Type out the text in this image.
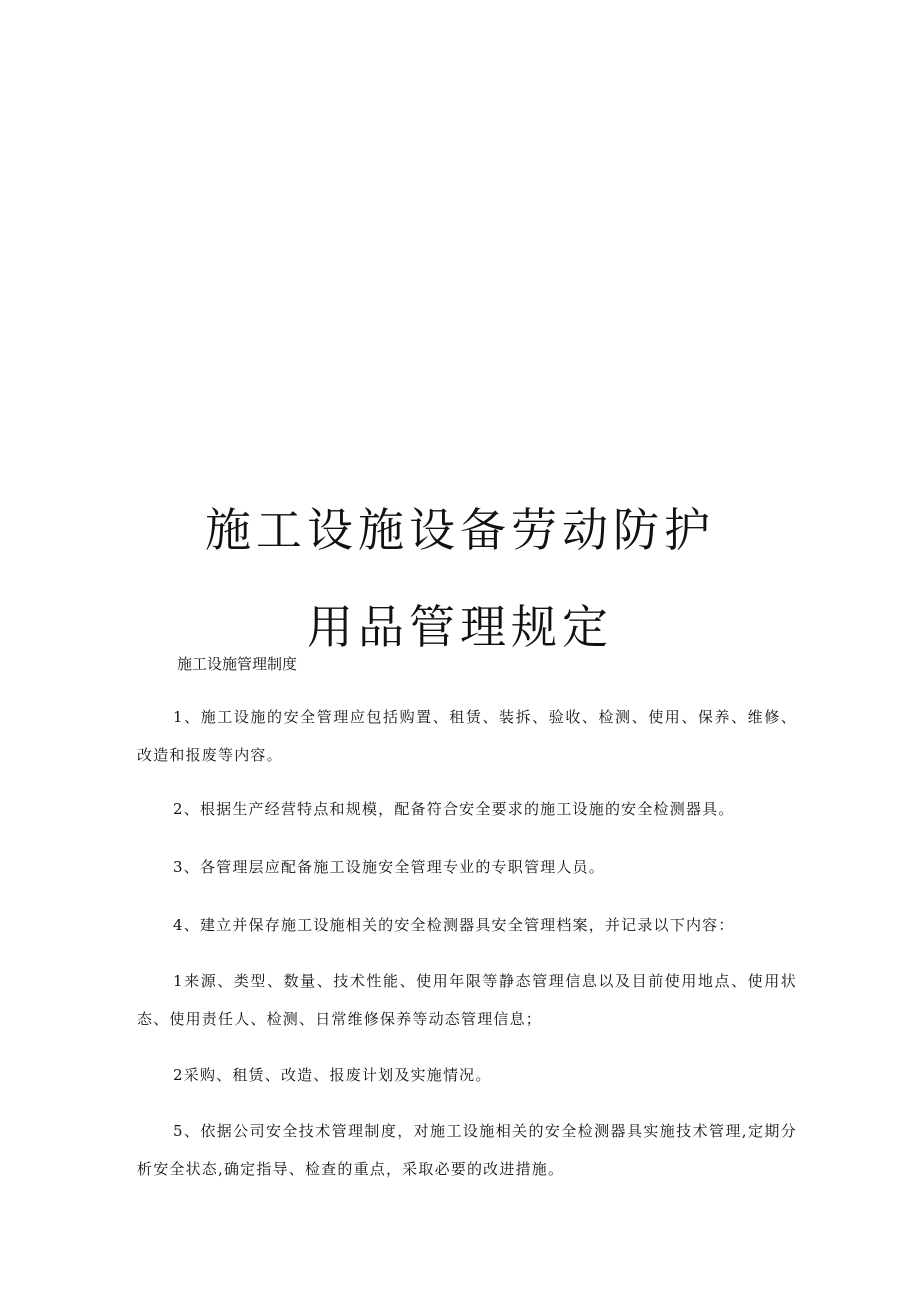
施工设施设备劳动防护
用品管理规定

施工设施管理制度

1、施工设施的安全管理应包括购置、租赁、装拆、验收、检测、使用、保养、维修、改造和报废等内容。

2、根据生产经营特点和规模，配备符合安全要求的施工设施的安全检测器具。

3、各管理层应配备施工设施安全管理专业的专职管理人员。

4、建立并保存施工设施相关的安全检测器具安全管理档案，并记录以下内容：

1来源、类型、数量、技术性能、使用年限等静态管理信息以及目前使用地点、使用状态、使用责任人、检测、日常维修保养等动态管理信息；

2采购、租赁、改造、报废计划及实施情况。

5、依据公司安全技术管理制度，对施工设施相关的安全检测器具实施技术管理,定期分析安全状态,确定指导、检查的重点，采取必要的改进措施。
